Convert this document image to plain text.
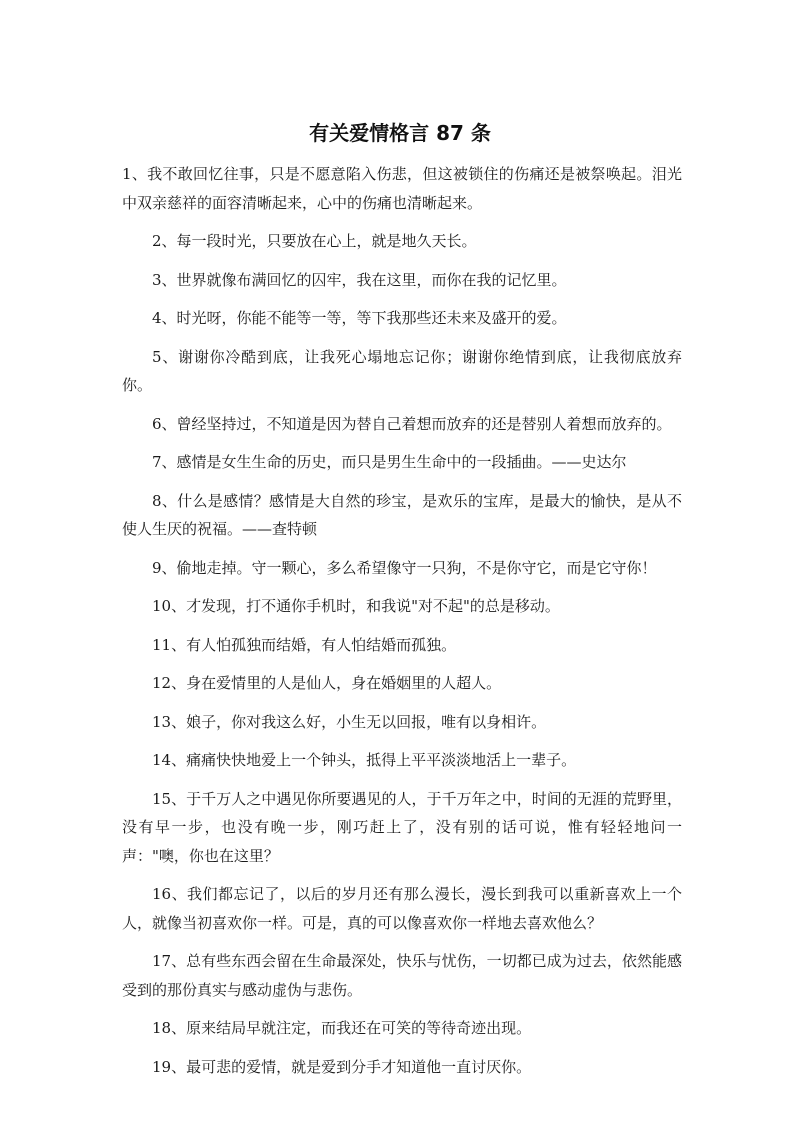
有关爱情格言 87 条

1、我不敢回忆往事，只是不愿意陷入伤悲，但这被锁住的伤痛还是被祭唤起。泪光中双亲慈祥的面容清晰起来，心中的伤痛也清晰起来。

2、每一段时光，只要放在心上，就是地久天长。

3、世界就像布满回忆的囚牢，我在这里，而你在我的记忆里。

4、时光呀，你能不能等一等，等下我那些还未来及盛开的爱。

5、谢谢你冷酷到底，让我死心塌地忘记你；谢谢你绝情到底，让我彻底放弃你。

6、曾经坚持过，不知道是因为替自己着想而放弃的还是替别人着想而放弃的。

7、感情是女生生命的历史，而只是男生生命中的一段插曲。——史达尔

8、什么是感情？感情是大自然的珍宝，是欢乐的宝库，是最大的愉快，是从不使人生厌的祝福。——查特顿

9、偷地走掉。守一颗心，多么希望像守一只狗，不是你守它，而是它守你！

10、才发现，打不通你手机时，和我说"对不起"的总是移动。

11、有人怕孤独而结婚，有人怕结婚而孤独。

12、身在爱情里的人是仙人，身在婚姻里的人超人。

13、娘子，你对我这么好，小生无以回报，唯有以身相许。

14、痛痛快快地爱上一个钟头，抵得上平平淡淡地活上一辈子。

15、于千万人之中遇见你所要遇见的人，于千万年之中，时间的无涯的荒野里，没有早一步，也没有晚一步，刚巧赶上了，没有别的话可说，惟有轻轻地问一声："噢，你也在这里？

16、我们都忘记了，以后的岁月还有那么漫长，漫长到我可以重新喜欢上一个人，就像当初喜欢你一样。可是，真的可以像喜欢你一样地去喜欢他么？

17、总有些东西会留在生命最深处，快乐与忧伤，一切都已成为过去，依然能感受到的那份真实与感动虚伪与悲伤。

18、原来结局早就注定，而我还在可笑的等待奇迹出现。

19、最可悲的爱情，就是爱到分手才知道他一直讨厌你。
